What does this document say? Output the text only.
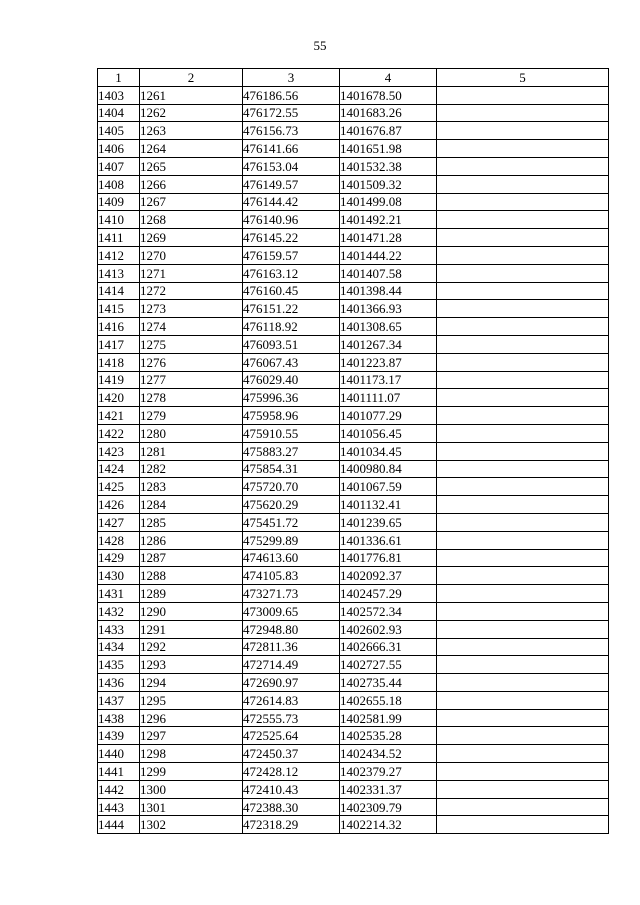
55
1	2	3	4	5
1403	1261	476186.56	1401678.50	
1404	1262	476172.55	1401683.26	
1405	1263	476156.73	1401676.87	
1406	1264	476141.66	1401651.98	
1407	1265	476153.04	1401532.38	
1408	1266	476149.57	1401509.32	
1409	1267	476144.42	1401499.08	
1410	1268	476140.96	1401492.21	
1411	1269	476145.22	1401471.28	
1412	1270	476159.57	1401444.22	
1413	1271	476163.12	1401407.58	
1414	1272	476160.45	1401398.44	
1415	1273	476151.22	1401366.93	
1416	1274	476118.92	1401308.65	
1417	1275	476093.51	1401267.34	
1418	1276	476067.43	1401223.87	
1419	1277	476029.40	1401173.17	
1420	1278	475996.36	1401111.07	
1421	1279	475958.96	1401077.29	
1422	1280	475910.55	1401056.45	
1423	1281	475883.27	1401034.45	
1424	1282	475854.31	1400980.84	
1425	1283	475720.70	1401067.59	
1426	1284	475620.29	1401132.41	
1427	1285	475451.72	1401239.65	
1428	1286	475299.89	1401336.61	
1429	1287	474613.60	1401776.81	
1430	1288	474105.83	1402092.37	
1431	1289	473271.73	1402457.29	
1432	1290	473009.65	1402572.34	
1433	1291	472948.80	1402602.93	
1434	1292	472811.36	1402666.31	
1435	1293	472714.49	1402727.55	
1436	1294	472690.97	1402735.44	
1437	1295	472614.83	1402655.18	
1438	1296	472555.73	1402581.99	
1439	1297	472525.64	1402535.28	
1440	1298	472450.37	1402434.52	
1441	1299	472428.12	1402379.27	
1442	1300	472410.43	1402331.37	
1443	1301	472388.30	1402309.79	
1444	1302	472318.29	1402214.32	
